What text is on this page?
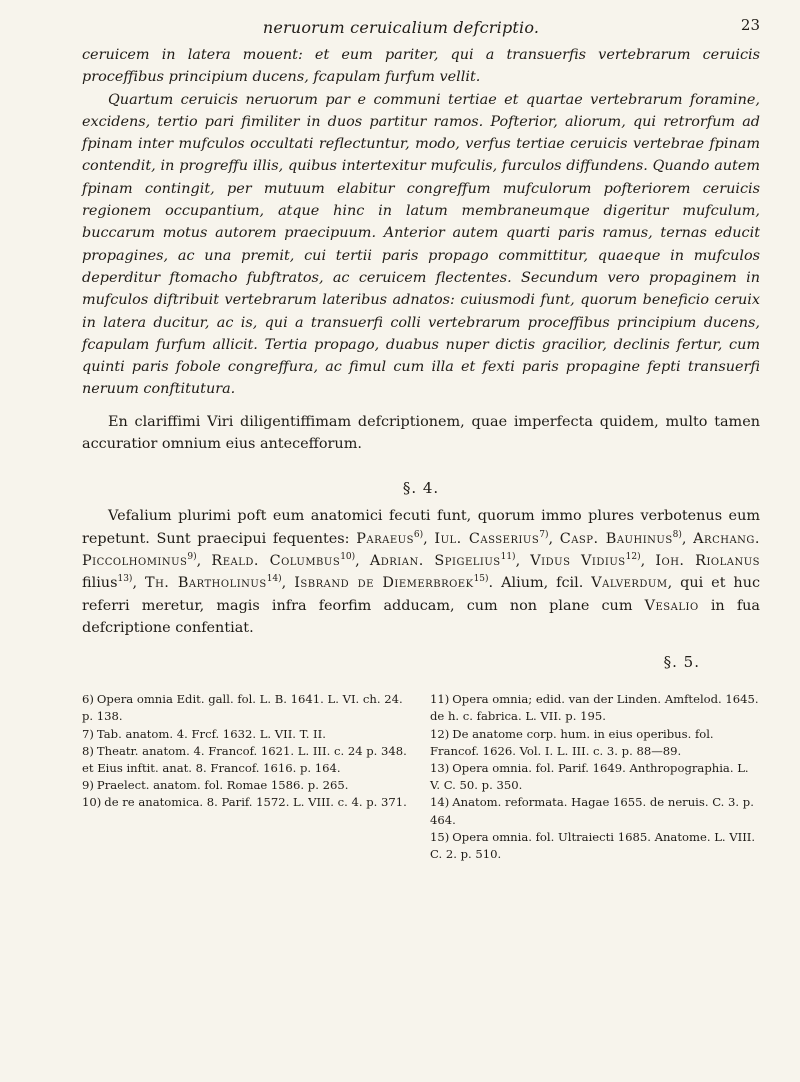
neruorum ceruicalium defcriptio.	23

ceruicem in latera mouent: et eum pariter, qui a transuerfis vertebrarum ceruicis proceffibus principium ducens, fcapulam furfum vellit.

Quartum ceruicis neruorum par e communi tertiae et quartae vertebrarum foramine, excidens, tertio pari fimiliter in duos partitur ramos. Pofterior, aliorum, qui retrorfum ad fpinam inter mufculos occultati reflectuntur, modo, verfus tertiae ceruicis vertebrae fpinam contendit, in progreffu illis, quibus intertexitur mufculis, furculos diffundens. Quando autem fpinam contingit, per mutuum elabitur congreffum mufculorum pofteriorem ceruicis regionem occupantium, atque hinc in latum membraneumque digeritur mufculum, buccarum motus autorem praecipuum. Anterior autem quarti paris ramus, ternas educit propagines, ac una premit, cui tertii paris propago committitur, quaeque in mufculos deperditur ftomacho fubftratos, ac ceruicem flectentes. Secundum vero propaginem in mufculos diftribuit vertebrarum lateribus adnatos: cuiusmodi funt, quorum beneficio ceruix in latera ducitur, ac is, qui a transuerfi colli vertebrarum proceffibus principium ducens, fcapulam furfum allicit. Tertia propago, duabus nuper dictis gracilior, declinis fertur, cum quinti paris fobole congreffura, ac fimul cum illa et fexti paris propagine fepti transuerfi neruum conftitutura.

En clariffimi Viri diligentiffimam defcriptionem, quae imperfecta quidem, multo tamen accuratior omnium eius antecefforum.

§. 4.

Vefalium plurimi poft eum anatomici fecuti funt, quorum immo plures verbotenus eum repetunt. Sunt praecipui fequentes: Paraeus$^{6)}$, Iul. Casserius$^{7)}$, Casp. Bauhinus$^{8)}$, Archang. Piccolhominus$^{9)}$, Reald. Columbus$^{10)}$, Adrian. Spigelius$^{11)}$, Vidus Vidius$^{12)}$, Ioh. Riolanus filius$^{13)}$, Th. Bartholinus$^{14)}$, Isbrand de Diemerbroek$^{15)}$. Alium, fcil. Valverdum, qui et huc referri meretur, magis infra feorfim adducam, cum non plane cum Vesalio in fua defcriptione confentiat.

§. 5.

6) Opera omnia Edit. gall. fol. L. B. 1641. L. VI. ch. 24. p. 138.

7) Tab. anatom. 4. Frcf. 1632. L. VII. T. II.

8) Theatr. anatom. 4. Francof. 1621. L. III. c. 24 p. 348. et Eius inftit. anat. 8. Francof. 1616. p. 164.

9) Praelect. anatom. fol. Romae 1586. p. 265.

10) de re anatomica. 8. Parif. 1572. L. VIII. c. 4. p. 371.

11) Opera omnia; edid. van der Linden. Amftelod. 1645. de h. c. fabrica. L. VII. p. 195.

12) De anatome corp. hum. in eius operibus. fol. Francof. 1626. Vol. I. L. III. c. 3. p. 88—89.

13) Opera omnia. fol. Parif. 1649. Anthropographia. L. V. C. 50. p. 350.

14) Anatom. reformata. Hagae 1655. de neruis. C. 3. p. 464.

15) Opera omnia. fol. Ultraiecti 1685. Anatome. L. VIII. C. 2. p. 510.
